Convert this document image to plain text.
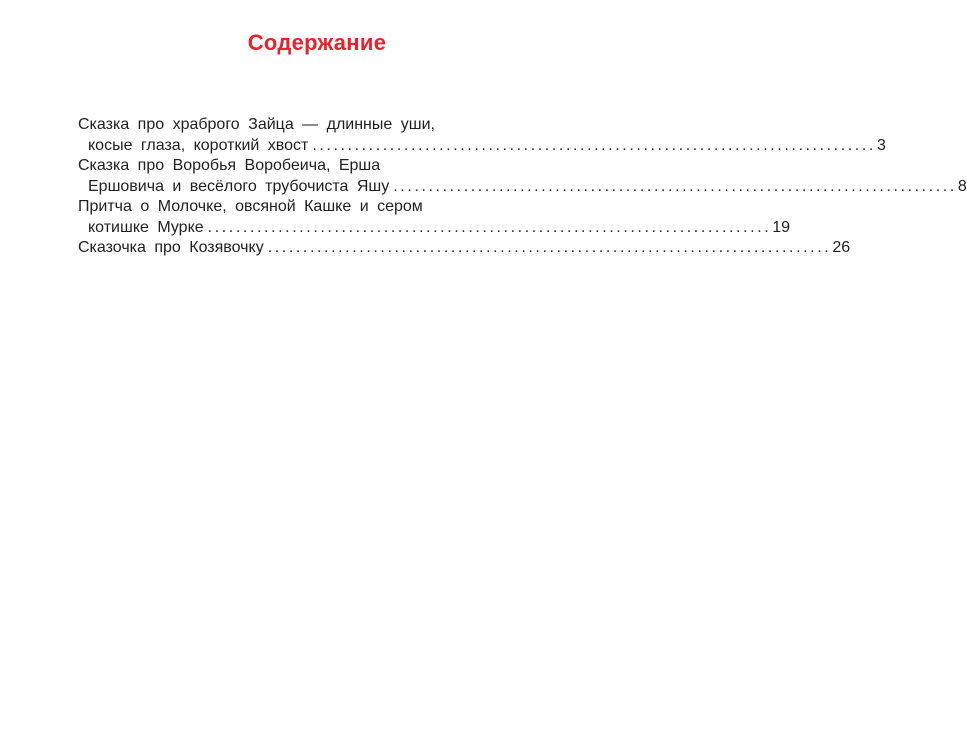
Содержание
Сказка про храброго Зайца — длинные уши,
косые глаза, короткий хвост ................................................................................ 3
Сказка про Воробья Воробеича, Ерша
Ершовича и весёлого трубочиста Яшу ................................................................................ 8
Притча о Молочке, овсяной Кашке и сером
котишке Мурке ................................................................................ 19
Сказочка про Козявочку ................................................................................ 26
